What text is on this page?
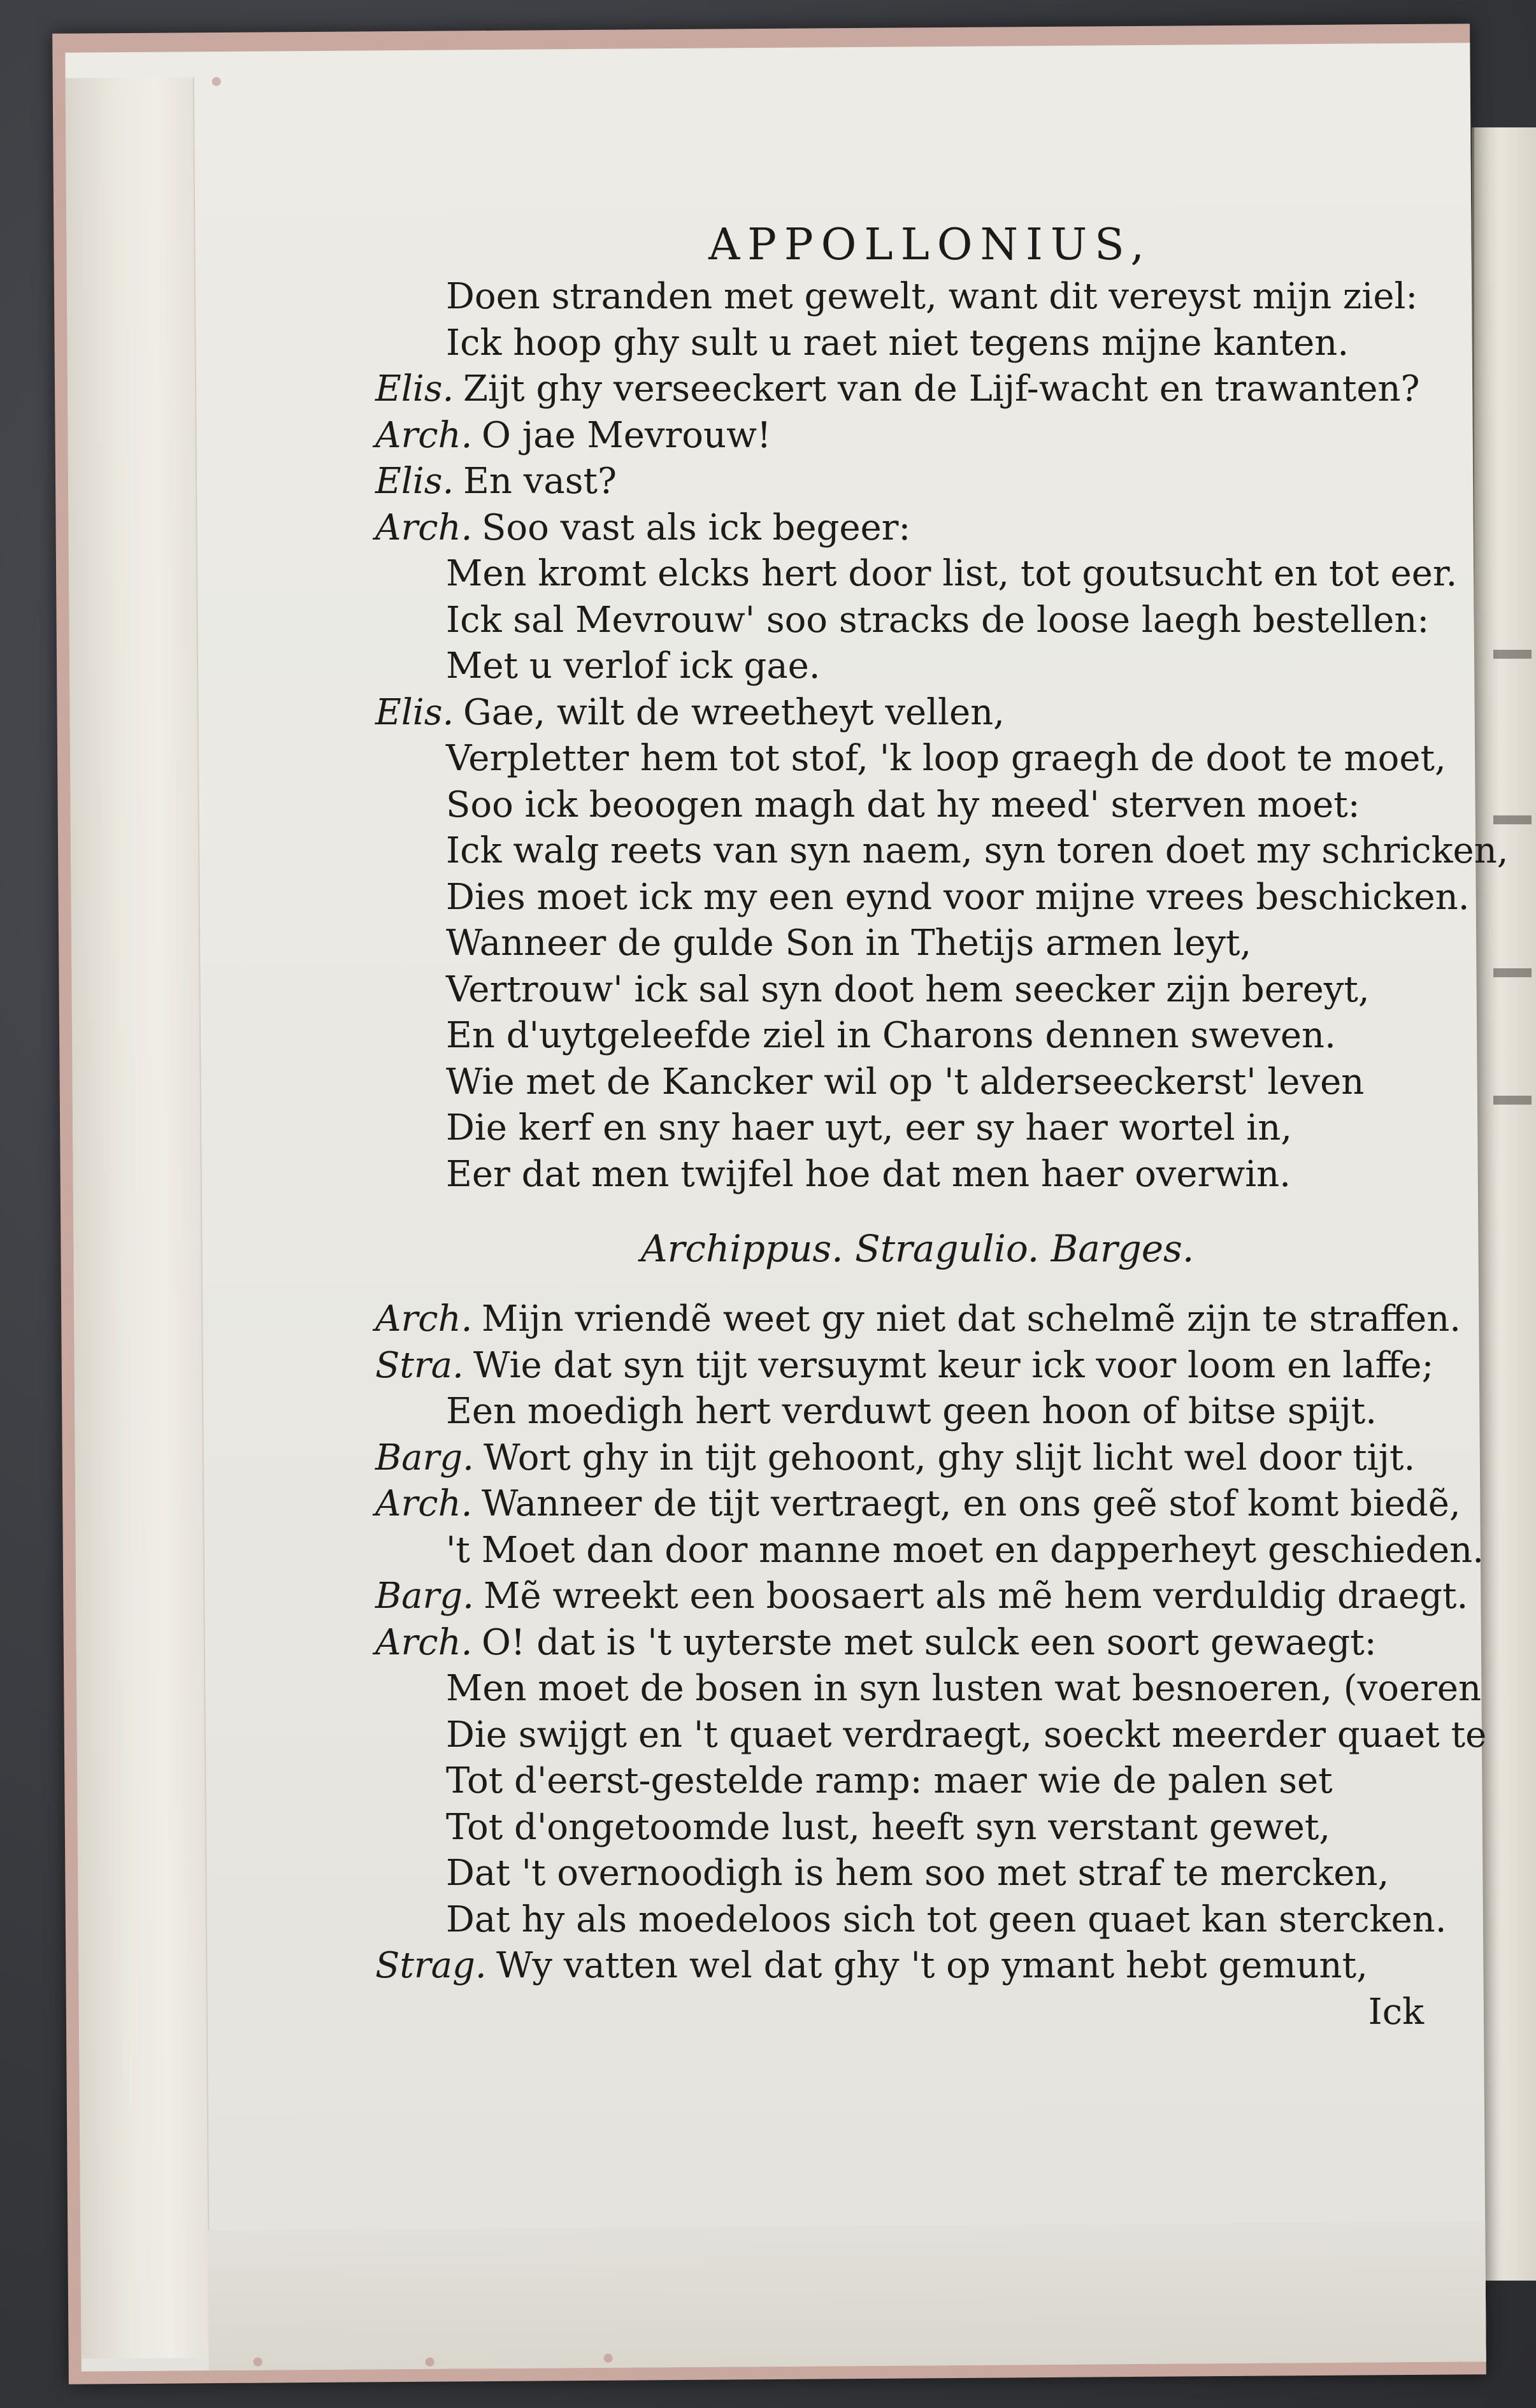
APPOLLONIUS,
Doen stranden met gewelt, want dit vereyst mijn ziel:
Ick hoop ghy sult u raet niet tegens mijne kanten.
Elis. Zijt ghy verseeckert van de Lijf-wacht en trawanten?
Arch. O jae Mevrouw!
Elis. En vast?
Arch. Soo vast als ick begeer:
Men kromt elcks hert door list, tot goutsucht en tot eer.
Ick sal Mevrouw' soo stracks de loose laegh bestellen:
Met u verlof ick gae.
Elis. Gae, wilt de wreetheyt vellen,
Verpletter hem tot stof, 'k loop graegh de doot te moet,
Soo ick beoogen magh dat hy meed' sterven moet:
Ick walg reets van syn naem, syn toren doet my schricken,
Dies moet ick my een eynd voor mijne vrees beschicken.
Wanneer de gulde Son in Thetijs armen leyt,
Vertrouw' ick sal syn doot hem seecker zijn bereyt,
En d'uytgeleefde ziel in Charons dennen sweven.
Wie met de Kancker wil op 't alderseeckerst' leven
Die kerf en sny haer uyt, eer sy haer wortel in,
Eer dat men twijfel hoe dat men haer overwin.
Archippus. Stragulio. Barges.
Arch. Mijn vriendẽ weet gy niet dat schelmẽ zijn te straffen.
Stra. Wie dat syn tijt versuymt keur ick voor loom en laffe;
Een moedigh hert verduwt geen hoon of bitse spijt.
Barg. Wort ghy in tijt gehoont, ghy slijt licht wel door tijt.
Arch. Wanneer de tijt vertraegt, en ons geẽ stof komt biedẽ,
't Moet dan door manne moet en dapperheyt geschieden.
Barg. Mẽ wreekt een boosaert als mẽ hem verduldig draegt.
Arch. O! dat is 't uyterste met sulck een soort gewaegt:
Men moet de bosen in syn lusten wat besnoeren, (voeren
Die swijgt en 't quaet verdraegt, soeckt meerder quaet te
Tot d'eerst-gestelde ramp: maer wie de palen set
Tot d'ongetoomde lust, heeft syn verstant gewet,
Dat 't overnoodigh is hem soo met straf te mercken,
Dat hy als moedeloos sich tot geen quaet kan stercken.
Strag. Wy vatten wel dat ghy 't op ymant hebt gemunt,
Ick
